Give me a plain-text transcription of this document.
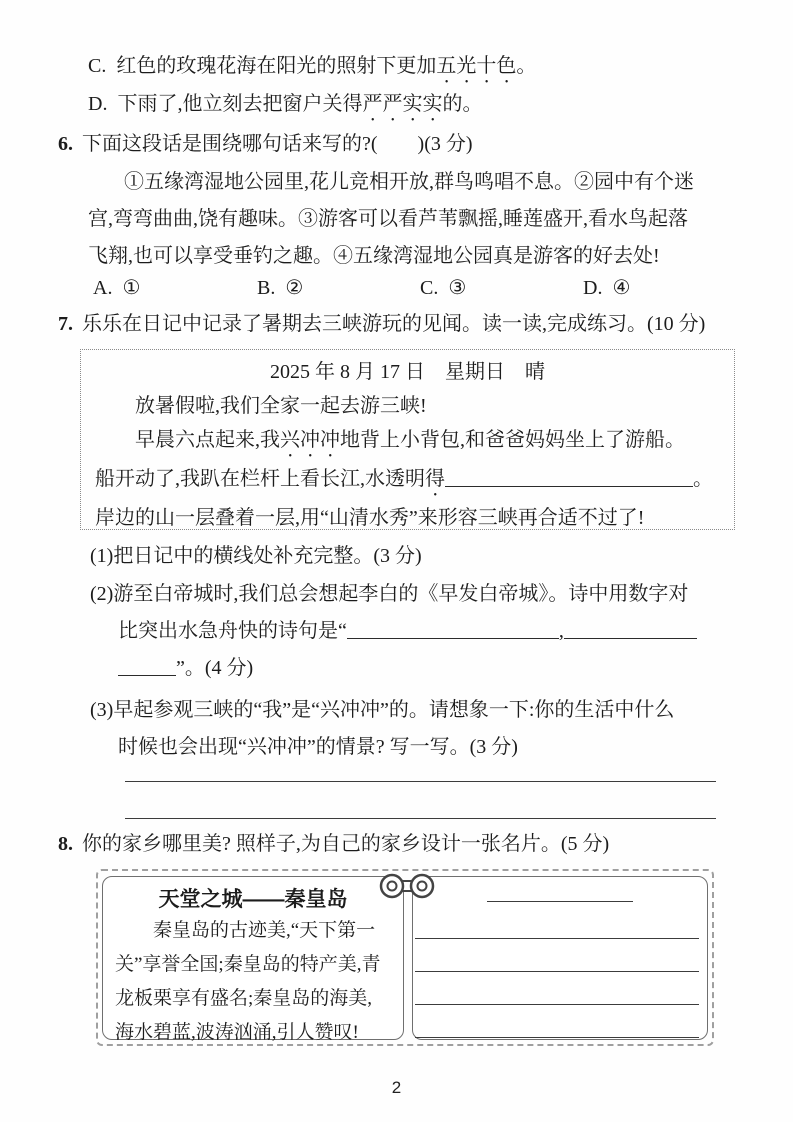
C. 红色的玫瑰花海在阳光的照射下更加五光十色。
D. 下雨了,他立刻去把窗户关得严严实实的。
6. 下面这段话是围绕哪句话来写的?(　　)(3 分)
①五缘湾湿地公园里,花儿竞相开放,群鸟鸣唱不息。②园中有个迷
宫,弯弯曲曲,饶有趣味。③游客可以看芦苇飘摇,睡莲盛开,看水鸟起落
飞翔,也可以享受垂钓之趣。④五缘湾湿地公园真是游客的好去处!
A. ①	B. ②	C. ③	D. ④
7. 乐乐在日记中记录了暑期去三峡游玩的见闻。读一读,完成练习。(10 分)
2025 年 8 月 17 日　星期日　晴
放暑假啦,我们全家一起去游三峡!
早晨六点起来,我兴冲冲地背上小背包,和爸爸妈妈坐上了游船。
船开动了,我趴在栏杆上看长江,水透明得	。
岸边的山一层叠着一层,用“山清水秀”来形容三峡再合适不过了!
(1)把日记中的横线处补充完整。(3 分)
(2)游至白帝城时,我们总会想起李白的《早发白帝城》。诗中用数字对
比突出水急舟快的诗句是“	,
”。(4 分)
(3)早起参观三峡的“我”是“兴冲冲”的。请想象一下:你的生活中什么
时候也会出现“兴冲冲”的情景? 写一写。(3 分)
8. 你的家乡哪里美? 照样子,为自己的家乡设计一张名片。(5 分)
天堂之城——秦皇岛
秦皇岛的古迹美,“天下第一
关”享誉全国;秦皇岛的特产美,青
龙板栗享有盛名;秦皇岛的海美,
海水碧蓝,波涛汹涌,引人赞叹!
2
